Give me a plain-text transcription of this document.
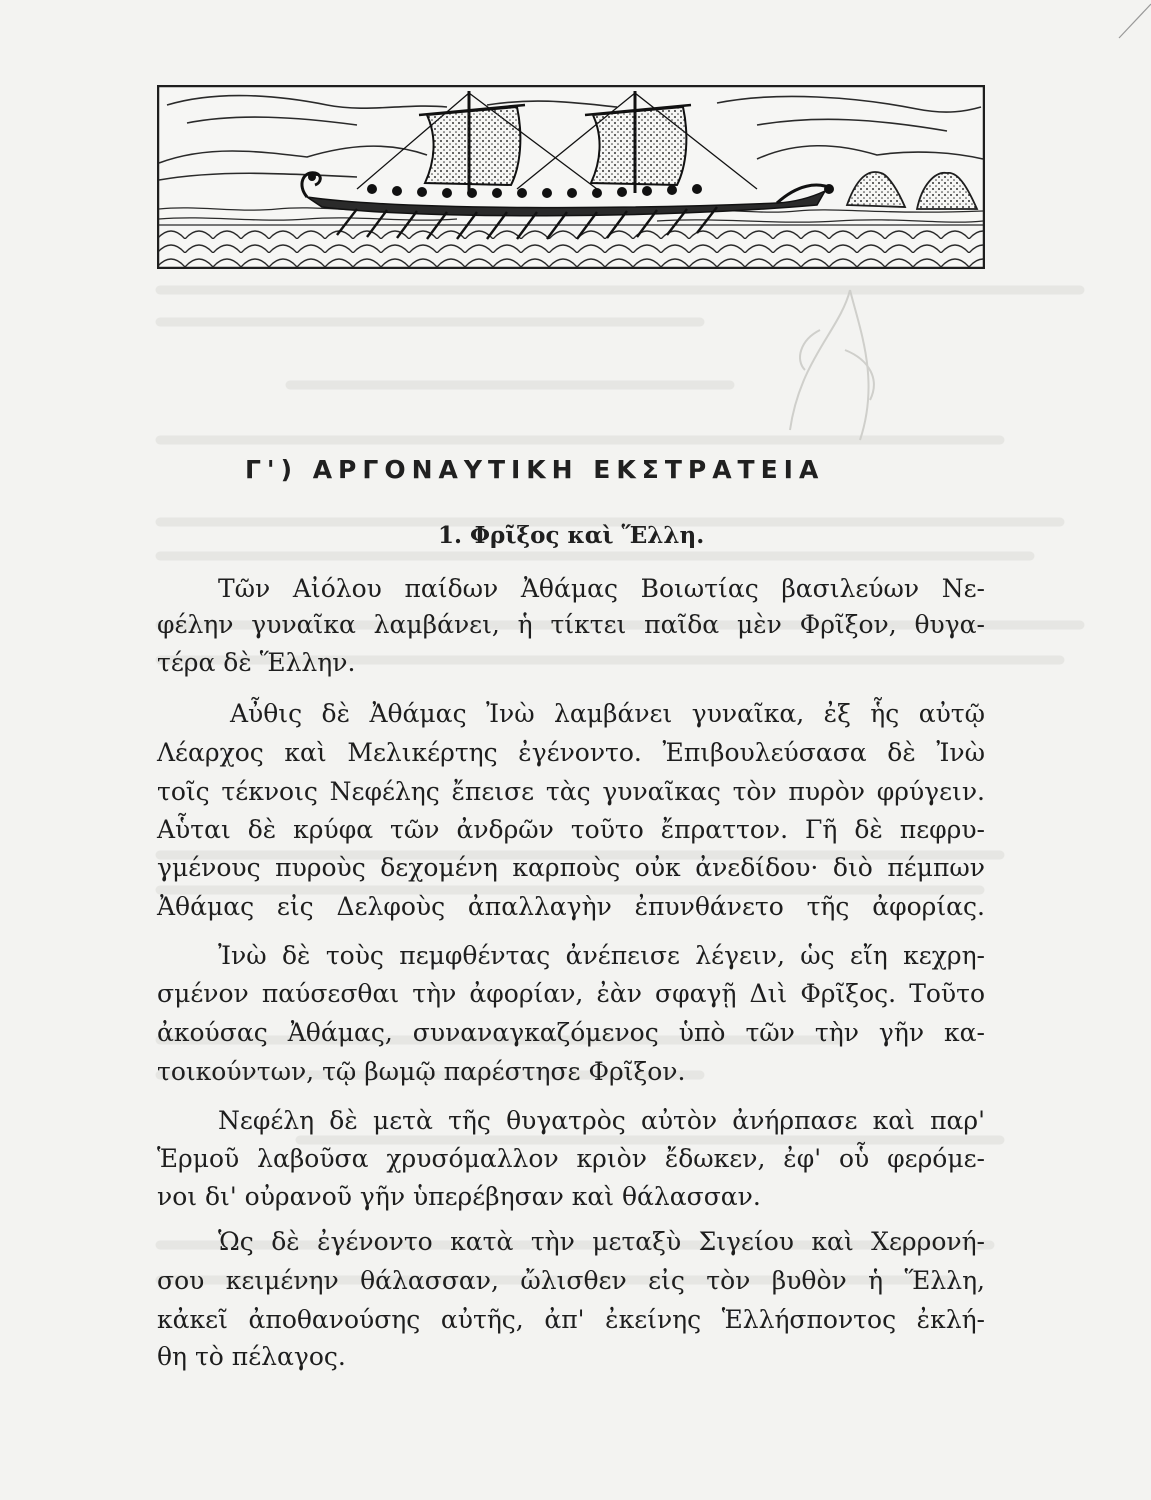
Γ') ΑΡΓΟΝΑΥΤΙΚΗ ΕΚΣΤΡΑΤΕΙΑ
1. Φρῖξος καὶ Ἕλλη.

Τῶν Αἰόλου παίδων Ἀθάμας Βοιωτίας βασιλεύων Νε-

φέλην γυναῖκα λαμβάνει, ἡ τίκτει παῖδα μὲν Φρῖξον, θυγα-

τέρα δὲ Ἕλλην.

Αὖθις δὲ Ἀθάμας Ἰνὼ λαμβάνει γυναῖκα, ἐξ ἧς αὐτῷ

Λέαρχος καὶ Μελικέρτης ἐγένοντο. Ἐπιβουλεύσασα δὲ Ἰνὼ

τοῖς τέκνοις Νεφέλης ἔπεισε τὰς γυναῖκας τὸν πυρὸν φρύγειν.

Αὗται δὲ κρύφα τῶν ἀνδρῶν τοῦτο ἔπραττον. Γῆ δὲ πεφρυ-

γμένους πυροὺς δεχομένη καρποὺς οὐκ ἀνεδίδου· διὸ πέμπων

Ἀθάμας εἰς Δελφοὺς ἀπαλλαγὴν ἐπυνθάνετο τῆς ἀφορίας.

Ἰνὼ δὲ τοὺς πεμφθέντας ἀνέπεισε λέγειν, ὡς εἴη κεχρη-

σμένον παύσεσθαι τὴν ἀφορίαν, ἐὰν σφαγῇ Διὶ Φρῖξος. Τοῦτο

ἀκούσας Ἀθάμας, συναναγκαζόμενος ὑπὸ τῶν τὴν γῆν κα-

τοικούντων, τῷ βωμῷ παρέστησε Φρῖξον.

Νεφέλη δὲ μετὰ τῆς θυγατρὸς αὐτὸν ἀνήρπασε καὶ παρ'

Ἑρμοῦ λαβοῦσα χρυσόμαλλον κριὸν ἔδωκεν, ἐφ' οὗ φερόμε-

νοι δι' οὐρανοῦ γῆν ὑπερέβησαν καὶ θάλασσαν.

Ὡς δὲ ἐγένοντο κατὰ τὴν μεταξὺ Σιγείου καὶ Χερρονή-

σου κειμένην θάλασσαν, ὤλισθεν εἰς τὸν βυθὸν ἡ Ἕλλη,

κἀκεῖ ἀποθανούσης αὐτῆς, ἀπ' ἐκείνης Ἑλλήσποντος ἐκλή-

θη τὸ πέλαγος.
